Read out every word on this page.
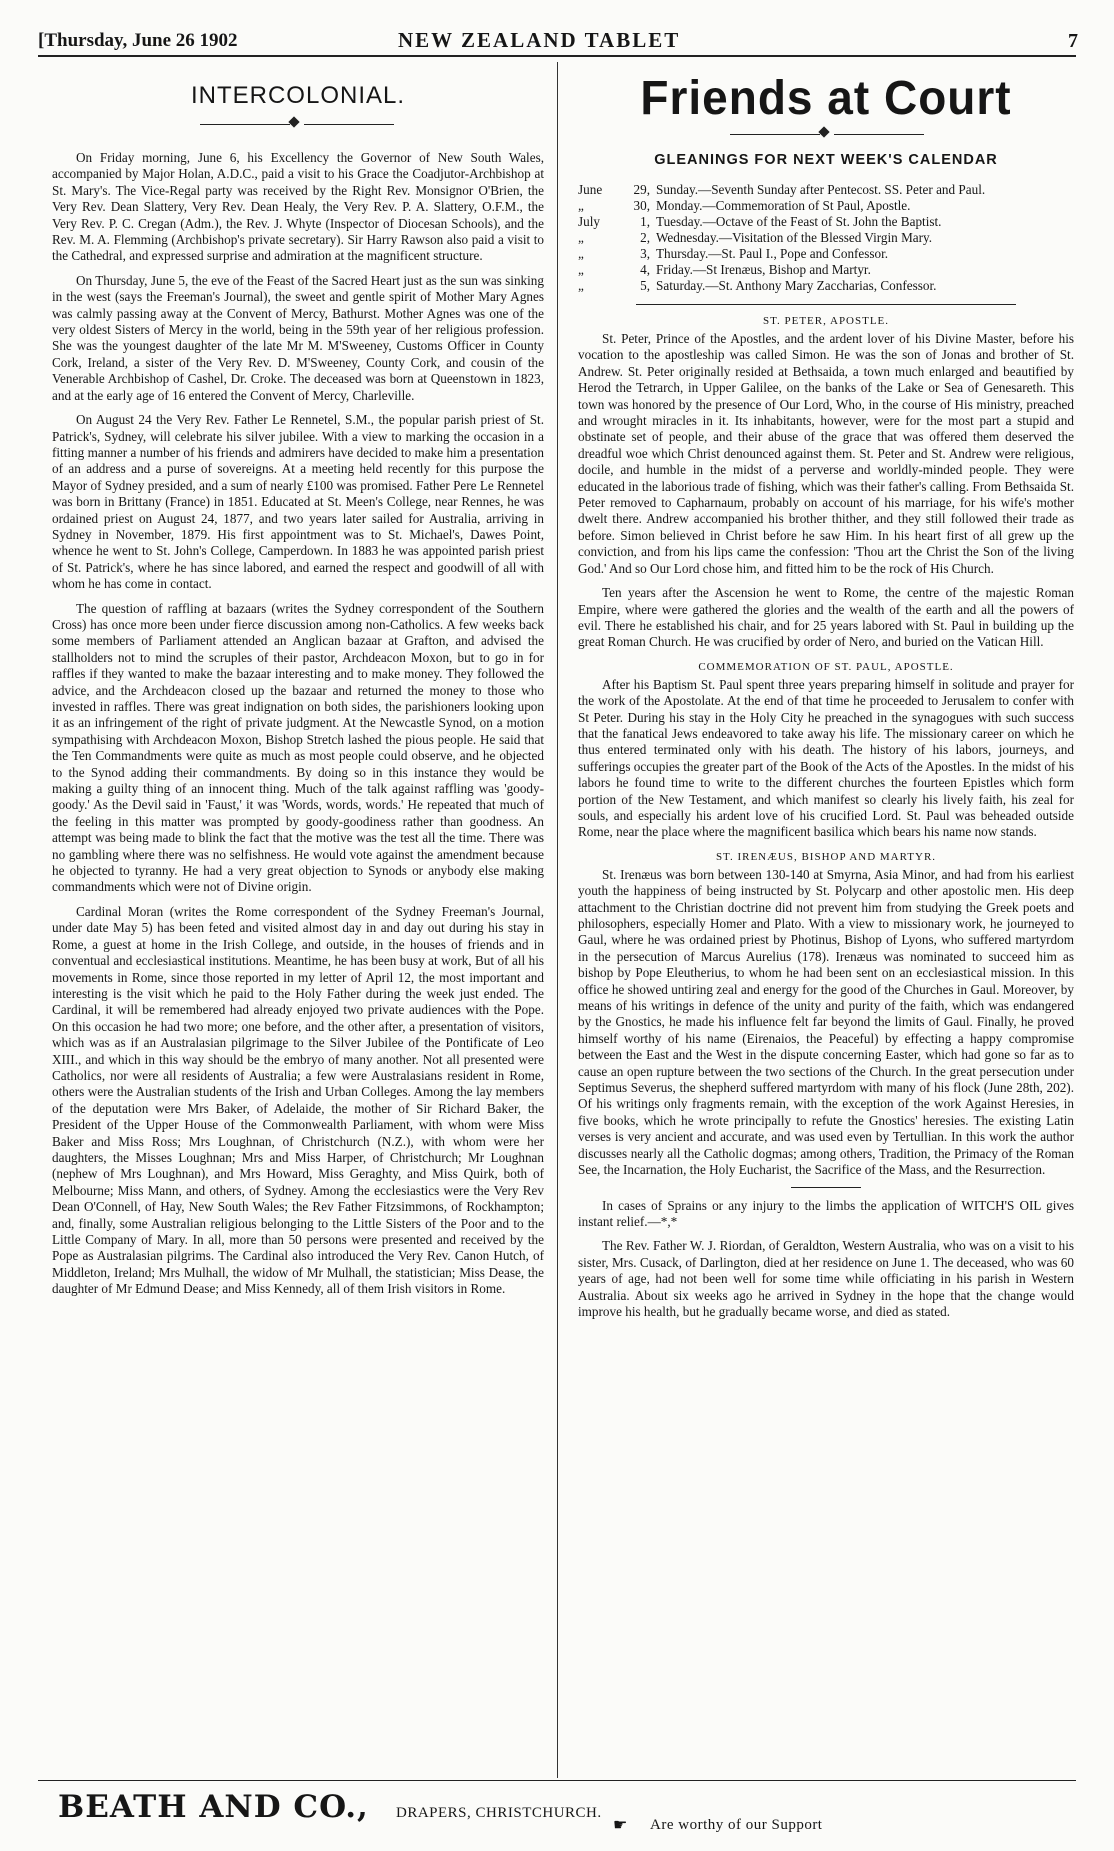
[Thursday, June 26 1902	NEW ZEALAND TABLET	7
INTERCOLONIAL.

On Friday morning, June 6, his Excellency the Governor of New South Wales, accompanied by Major Holan, A.D.C., paid a visit to his Grace the Coadjutor-Archbishop at St. Mary's. The Vice-Regal party was received by the Right Rev. Monsignor O'Brien, the Very Rev. Dean Slattery, Very Rev. Dean Healy, the Very Rev. P. A. Slattery, O.F.M., the Very Rev. P. C. Cregan (Adm.), the Rev. J. Whyte (Inspector of Diocesan Schools), and the Rev. M. A. Flemming (Archbishop's private secretary). Sir Harry Rawson also paid a visit to the Cathedral, and expressed surprise and admiration at the magnificent structure.

On Thursday, June 5, the eve of the Feast of the Sacred Heart just as the sun was sinking in the west (says the Freeman's Journal), the sweet and gentle spirit of Mother Mary Agnes was calmly passing away at the Convent of Mercy, Bathurst. Mother Agnes was one of the very oldest Sisters of Mercy in the world, being in the 59th year of her religious profession. She was the youngest daughter of the late Mr M. M'Sweeney, Customs Officer in County Cork, Ireland, a sister of the Very Rev. D. M'Sweeney, County Cork, and cousin of the Venerable Archbishop of Cashel, Dr. Croke. The deceased was born at Queenstown in 1823, and at the early age of 16 entered the Convent of Mercy, Charleville.

On August 24 the Very Rev. Father Le Rennetel, S.M., the popular parish priest of St. Patrick's, Sydney, will celebrate his silver jubilee. With a view to marking the occasion in a fitting manner a number of his friends and admirers have decided to make him a presentation of an address and a purse of sovereigns. At a meeting held recently for this purpose the Mayor of Sydney presided, and a sum of nearly £100 was promised. Father Pere Le Rennetel was born in Brittany (France) in 1851. Educated at St. Meen's College, near Rennes, he was ordained priest on August 24, 1877, and two years later sailed for Australia, arriving in Sydney in November, 1879. His first appointment was to St. Michael's, Dawes Point, whence he went to St. John's College, Camperdown. In 1883 he was appointed parish priest of St. Patrick's, where he has since labored, and earned the respect and goodwill of all with whom he has come in contact.

The question of raffling at bazaars (writes the Sydney correspondent of the Southern Cross) has once more been under fierce discussion among non-Catholics. A few weeks back some members of Parliament attended an Anglican bazaar at Grafton, and advised the stallholders not to mind the scruples of their pastor, Archdeacon Moxon, but to go in for raffles if they wanted to make the bazaar interesting and to make money. They followed the advice, and the Archdeacon closed up the bazaar and returned the money to those who invested in raffles. There was great indignation on both sides, the parishioners looking upon it as an infringement of the right of private judgment. At the Newcastle Synod, on a motion sympathising with Archdeacon Moxon, Bishop Stretch lashed the pious people. He said that the Ten Commandments were quite as much as most people could observe, and he objected to the Synod adding their commandments. By doing so in this instance they would be making a guilty thing of an innocent thing. Much of the talk against raffling was 'goody-goody.' As the Devil said in 'Faust,' it was 'Words, words, words.' He repeated that much of the feeling in this matter was prompted by goody-goodiness rather than goodness. An attempt was being made to blink the fact that the motive was the test all the time. There was no gambling where there was no selfishness. He would vote against the amendment because he objected to tyranny. He had a very great objection to Synods or anybody else making commandments which were not of Divine origin.

Cardinal Moran (writes the Rome correspondent of the Sydney Freeman's Journal, under date May 5) has been feted and visited almost day in and day out during his stay in Rome, a guest at home in the Irish College, and outside, in the houses of friends and in conventual and ecclesiastical institutions. Meantime, he has been busy at work, But of all his movements in Rome, since those reported in my letter of April 12, the most important and interesting is the visit which he paid to the Holy Father during the week just ended. The Cardinal, it will be remembered had already enjoyed two private audiences with the Pope. On this occasion he had two more; one before, and the other after, a presentation of visitors, which was as if an Australasian pilgrimage to the Silver Jubilee of the Pontificate of Leo XIII., and which in this way should be the embryo of many another. Not all presented were Catholics, nor were all residents of Australia; a few were Australasians resident in Rome, others were the Australian students of the Irish and Urban Colleges. Among the lay members of the deputation were Mrs Baker, of Adelaide, the mother of Sir Richard Baker, the President of the Upper House of the Commonwealth Parliament, with whom were Miss Baker and Miss Ross; Mrs Loughnan, of Christchurch (N.Z.), with whom were her daughters, the Misses Loughnan; Mrs and Miss Harper, of Christchurch; Mr Loughnan (nephew of Mrs Loughnan), and Mrs Howard, Miss Geraghty, and Miss Quirk, both of Melbourne; Miss Mann, and others, of Sydney. Among the ecclesiastics were the Very Rev Dean O'Connell, of Hay, New South Wales; the Rev Father Fitzsimmons, of Rockhampton; and, finally, some Australian religious belonging to the Little Sisters of the Poor and to the Little Company of Mary. In all, more than 50 persons were presented and received by the Pope as Australasian pilgrims. The Cardinal also introduced the Very Rev. Canon Hutch, of Middleton, Ireland; Mrs Mulhall, the widow of Mr Mulhall, the statistician; Miss Dease, the daughter of Mr Edmund Dease; and Miss Kennedy, all of them Irish visitors in Rome.

Friends at Court
GLEANINGS FOR NEXT WEEK'S CALENDAR
June	29, Sunday.—Seventh Sunday after Pentecost. SS. Peter and Paul.
„	30, Monday.—Commemoration of St Paul, Apostle.
July	1, Tuesday.—Octave of the Feast of St. John the Baptist.
„	2, Wednesday.—Visitation of the Blessed Virgin Mary.
„	3, Thursday.—St. Paul I., Pope and Confessor.
„	4, Friday.—St Irenæus, Bishop and Martyr.
„	5, Saturday.—St. Anthony Mary Zaccharias, Confessor.
ST. PETER, APOSTLE.

St. Peter, Prince of the Apostles, and the ardent lover of his Divine Master, before his vocation to the apostleship was called Simon. He was the son of Jonas and brother of St. Andrew. St. Peter originally resided at Bethsaida, a town much enlarged and beautified by Herod the Tetrarch, in Upper Galilee, on the banks of the Lake or Sea of Genesareth. This town was honored by the presence of Our Lord, Who, in the course of His ministry, preached and wrought miracles in it. Its inhabitants, however, were for the most part a stupid and obstinate set of people, and their abuse of the grace that was offered them deserved the dreadful woe which Christ denounced against them. St. Peter and St. Andrew were religious, docile, and humble in the midst of a perverse and worldly-minded people. They were educated in the laborious trade of fishing, which was their father's calling. From Bethsaida St. Peter removed to Capharnaum, probably on account of his marriage, for his wife's mother dwelt there. Andrew accompanied his brother thither, and they still followed their trade as before. Simon believed in Christ before he saw Him. In his heart first of all grew up the conviction, and from his lips came the confession: 'Thou art the Christ the Son of the living God.' And so Our Lord chose him, and fitted him to be the rock of His Church.

Ten years after the Ascension he went to Rome, the centre of the majestic Roman Empire, where were gathered the glories and the wealth of the earth and all the powers of evil. There he established his chair, and for 25 years labored with St. Paul in building up the great Roman Church. He was crucified by order of Nero, and buried on the Vatican Hill.

COMMEMORATION OF ST. PAUL, APOSTLE.

After his Baptism St. Paul spent three years preparing himself in solitude and prayer for the work of the Apostolate. At the end of that time he proceeded to Jerusalem to confer with St Peter. During his stay in the Holy City he preached in the synagogues with such success that the fanatical Jews endeavored to take away his life. The missionary career on which he thus entered terminated only with his death. The history of his labors, journeys, and sufferings occupies the greater part of the Book of the Acts of the Apostles. In the midst of his labors he found time to write to the different churches the fourteen Epistles which form portion of the New Testament, and which manifest so clearly his lively faith, his zeal for souls, and especially his ardent love of his crucified Lord. St. Paul was beheaded outside Rome, near the place where the magnificent basilica which bears his name now stands.

ST. IRENÆUS, BISHOP AND MARTYR.

St. Irenæus was born between 130-140 at Smyrna, Asia Minor, and had from his earliest youth the happiness of being instructed by St. Polycarp and other apostolic men. His deep attachment to the Christian doctrine did not prevent him from studying the Greek poets and philosophers, especially Homer and Plato. With a view to missionary work, he journeyed to Gaul, where he was ordained priest by Photinus, Bishop of Lyons, who suffered martyrdom in the persecution of Marcus Aurelius (178). Irenæus was nominated to succeed him as bishop by Pope Eleutherius, to whom he had been sent on an ecclesiastical mission. In this office he showed untiring zeal and energy for the good of the Churches in Gaul. Moreover, by means of his writings in defence of the unity and purity of the faith, which was endangered by the Gnostics, he made his influence felt far beyond the limits of Gaul. Finally, he proved himself worthy of his name (Eirenaios, the Peaceful) by effecting a happy compromise between the East and the West in the dispute concerning Easter, which had gone so far as to cause an open rupture between the two sections of the Church. In the great persecution under Septimus Severus, the shepherd suffered martyrdom with many of his flock (June 28th, 202). Of his writings only fragments remain, with the exception of the work Against Heresies, in five books, which he wrote principally to refute the Gnostics' heresies. The existing Latin verses is very ancient and accurate, and was used even by Tertullian. In this work the author discusses nearly all the Catholic dogmas; among others, Tradition, the Primacy of the Roman See, the Incarnation, the Holy Eucharist, the Sacrifice of the Mass, and the Resurrection.

In cases of Sprains or any injury to the limbs the application of WITCH'S OIL gives instant relief.—*,*

The Rev. Father W. J. Riordan, of Geraldton, Western Australia, who was on a visit to his sister, Mrs. Cusack, of Darlington, died at her residence on June 1. The deceased, who was 60 years of age, had not been well for some time while officiating in his parish in Western Australia. About six weeks ago he arrived in Sydney in the hope that the change would improve his health, but he gradually became worse, and died as stated.

BEATH AND CO., DRAPERS, CHRISTCHURCH.
☛ Are worthy of our Support
